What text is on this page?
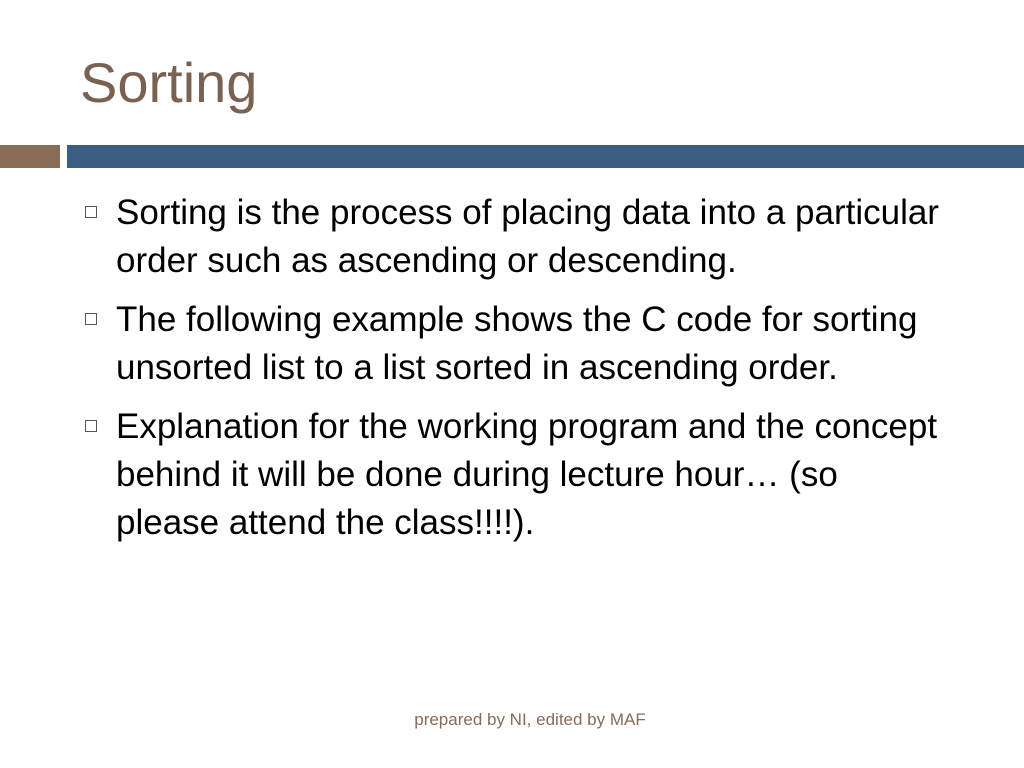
Sorting
Sorting is the process of placing data into a particular order such as ascending or descending.
The following example shows the C code for sorting unsorted list to a list sorted in ascending order.
Explanation for the working program and the concept behind it will be done during lecture hour… (so please attend the class!!!!).
prepared by NI, edited by MAF
